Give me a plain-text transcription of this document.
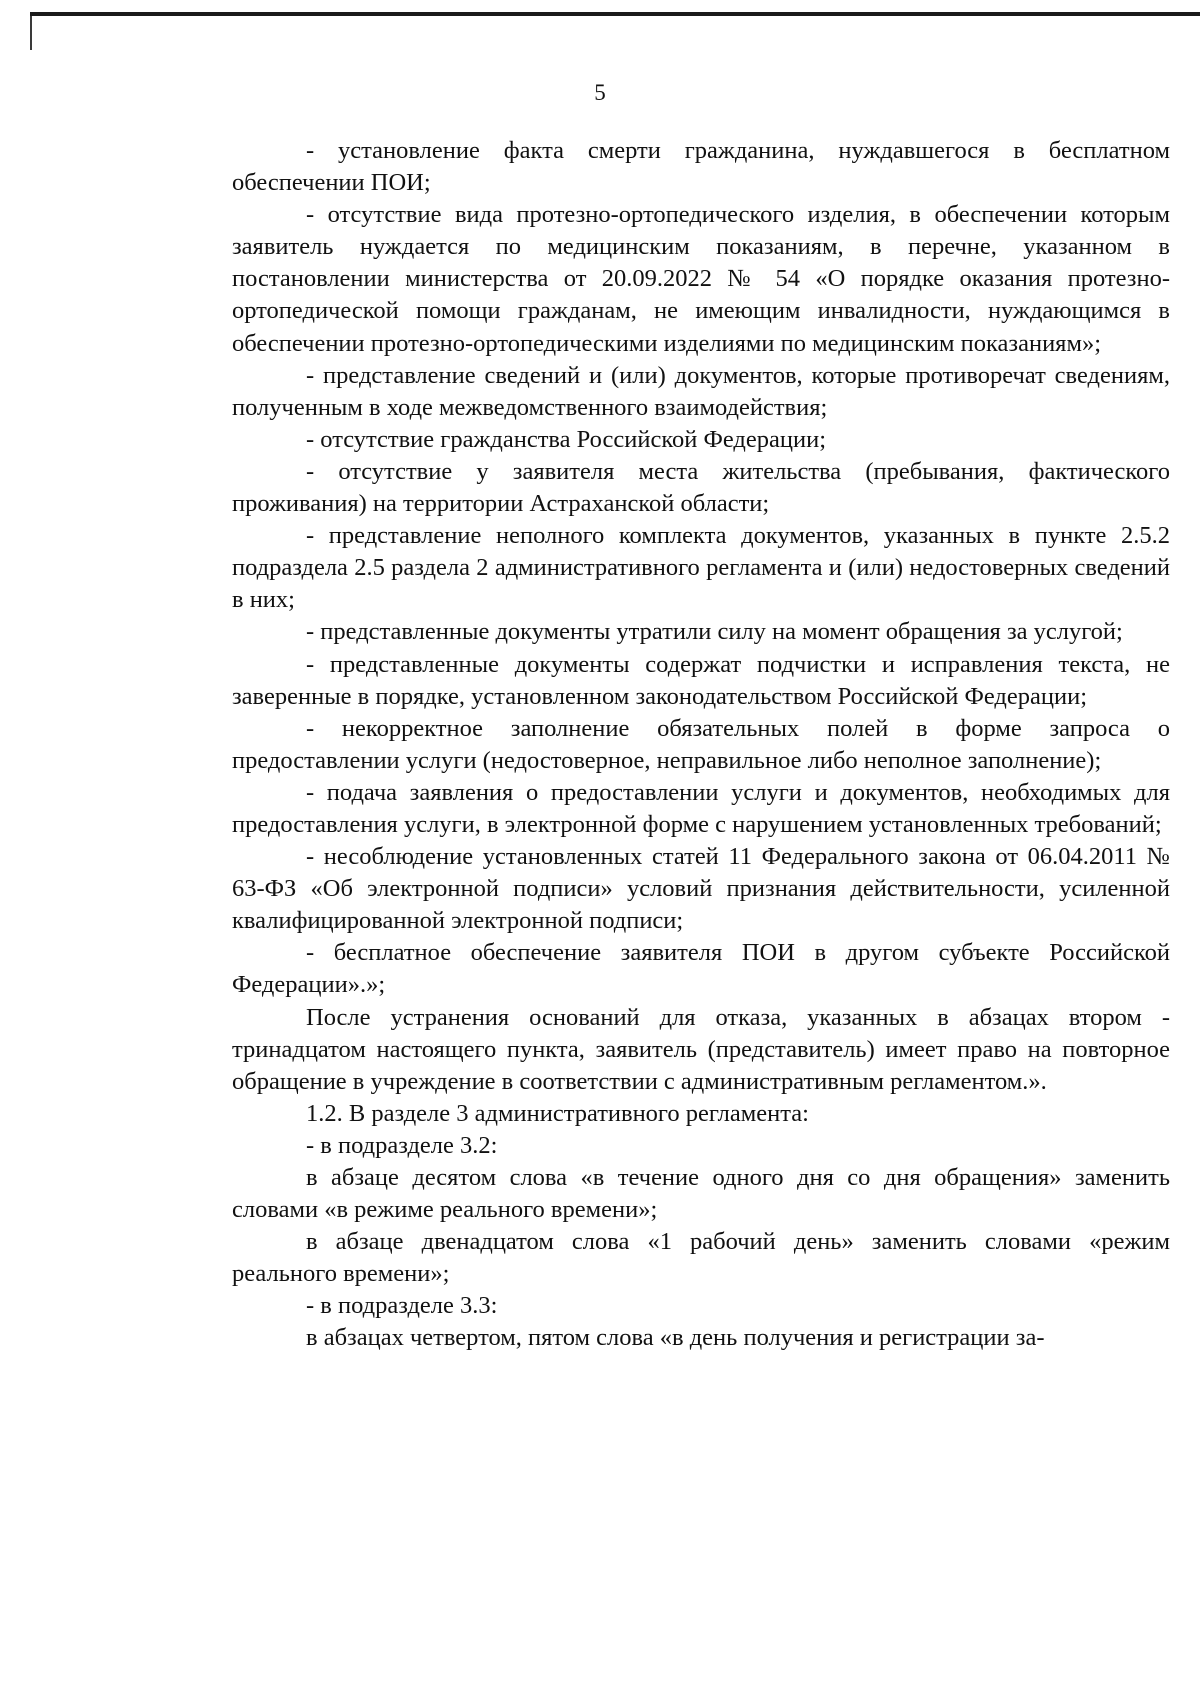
5

- установление факта смерти гражданина, нуждавшегося в бесплатном обеспечении ПОИ;

- отсутствие вида протезно-ортопедического изделия, в обеспечении которым заявитель нуждается по медицинским показаниям, в перечне, указанном в постановлении министерства от 20.09.2022 № 54 «О порядке оказания протезно-ортопедической помощи гражданам, не имеющим инвалидности, нуждающимся в обеспечении протезно-ортопедическими изделиями по медицинским показаниям»;

- представление сведений и (или) документов, которые противоречат сведениям, полученным в ходе межведомственного взаимодействия;

- отсутствие гражданства Российской Федерации;

- отсутствие у заявителя места жительства (пребывания, фактического проживания) на территории Астраханской области;

- представление неполного комплекта документов, указанных в пункте 2.5.2 подраздела 2.5 раздела 2 административного регламента и (или) недостоверных сведений в них;

- представленные документы утратили силу на момент обращения за услугой;

- представленные документы содержат подчистки и исправления текста, не заверенные в порядке, установленном законодательством Российской Федерации;

- некорректное заполнение обязательных полей в форме запроса о предоставлении услуги (недостоверное, неправильное либо неполное заполнение);

- подача заявления о предоставлении услуги и документов, необходимых для предоставления услуги, в электронной форме с нарушением установленных требований;

- несоблюдение установленных статей 11 Федерального закона от 06.04.2011 № 63-ФЗ «Об электронной подписи» условий признания действительности, усиленной квалифицированной электронной подписи;

- бесплатное обеспечение заявителя ПОИ в другом субъекте Российской Федерации».»;

После устранения оснований для отказа, указанных в абзацах втором - тринадцатом настоящего пункта, заявитель (представитель) имеет право на повторное обращение в учреждение в соответствии с административным регламентом.».

1.2. В разделе 3 административного регламента:

- в подразделе 3.2:

в абзаце десятом слова «в течение одного дня со дня обращения» заменить словами «в режиме реального времени»;

в абзаце двенадцатом слова «1 рабочий день» заменить словами «режим реального времени»;

- в подразделе 3.3:

в абзацах четвертом, пятом слова «в день получения и регистрации за-
